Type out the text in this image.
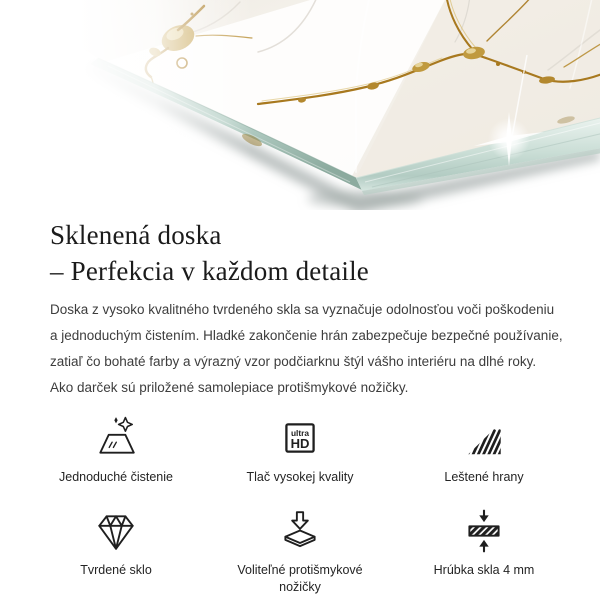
Sklenená doska
– Perfekcia v každom detaile

Doska z vysoko kvalitného tvrdeného skla sa vyznačuje odolnosťou voči poškodeniu
a jednoduchým čistením. Hladké zakončenie hrán zabezpečuje bezpečné používanie,
zatiaľ čo bohaté farby a výrazný vzor podčiarknu štýl vášho interiéru na dlhé roky.
Ako darček sú priložené samolepiace protišmykové nožičky.

Jednoduché čistenie
ultra
HD
Tlač vysokej kvality	Leštené hrany
Tvrdené sklo	Voliteľné protišmykové nožičky
Hrúbka skla 4 mm
